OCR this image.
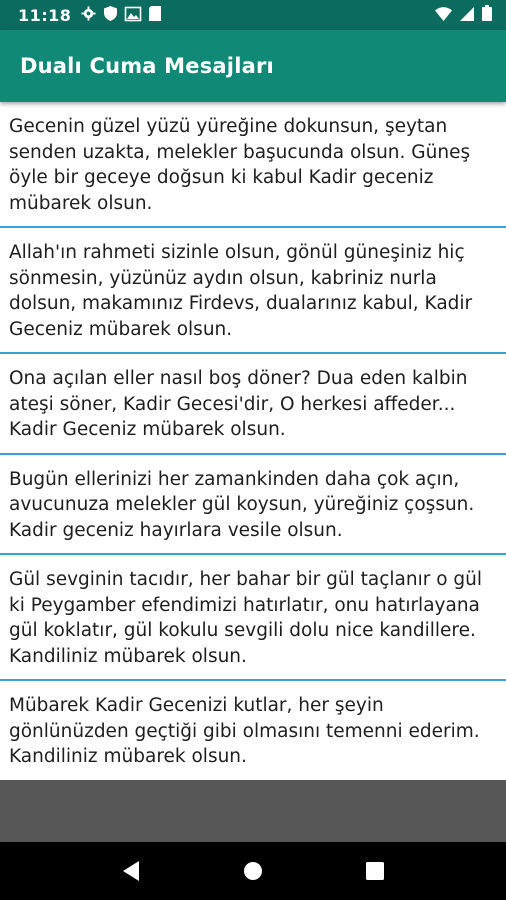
11:18
Dualı Cuma Mesajları
Gecenin güzel yüzü yüreğine dokunsun, şeytan senden uzakta, melekler başucunda olsun. Güneş öyle bir geceye doğsun ki kabul Kadir geceniz mübarek olsun.
Allah'ın rahmeti sizinle olsun, gönül güneşiniz hiç sönmesin, yüzünüz aydın olsun, kabriniz nurla dolsun, makamınız Firdevs, dualarınız kabul, Kadir Geceniz mübarek olsun.
Ona açılan eller nasıl boş döner? Dua eden kalbin ateşi söner, Kadir Gecesi'dir, O herkesi affeder... Kadir Geceniz mübarek olsun.
Bugün ellerinizi her zamankinden daha çok açın, avucunuza melekler gül koysun, yüreğiniz çoşsun. Kadir geceniz hayırlara vesile olsun.
Gül sevginin tacıdır, her bahar bir gül taçlanır o gül ki Peygamber efendimizi hatırlatır, onu hatırlayana gül koklatır, gül kokulu sevgili dolu nice kandillere. Kandiliniz mübarek olsun.
Mübarek Kadir Gecenizi kutlar, her şeyin gönlünüzden geçtiği gibi olmasını temenni ederim. Kandiliniz mübarek olsun.
